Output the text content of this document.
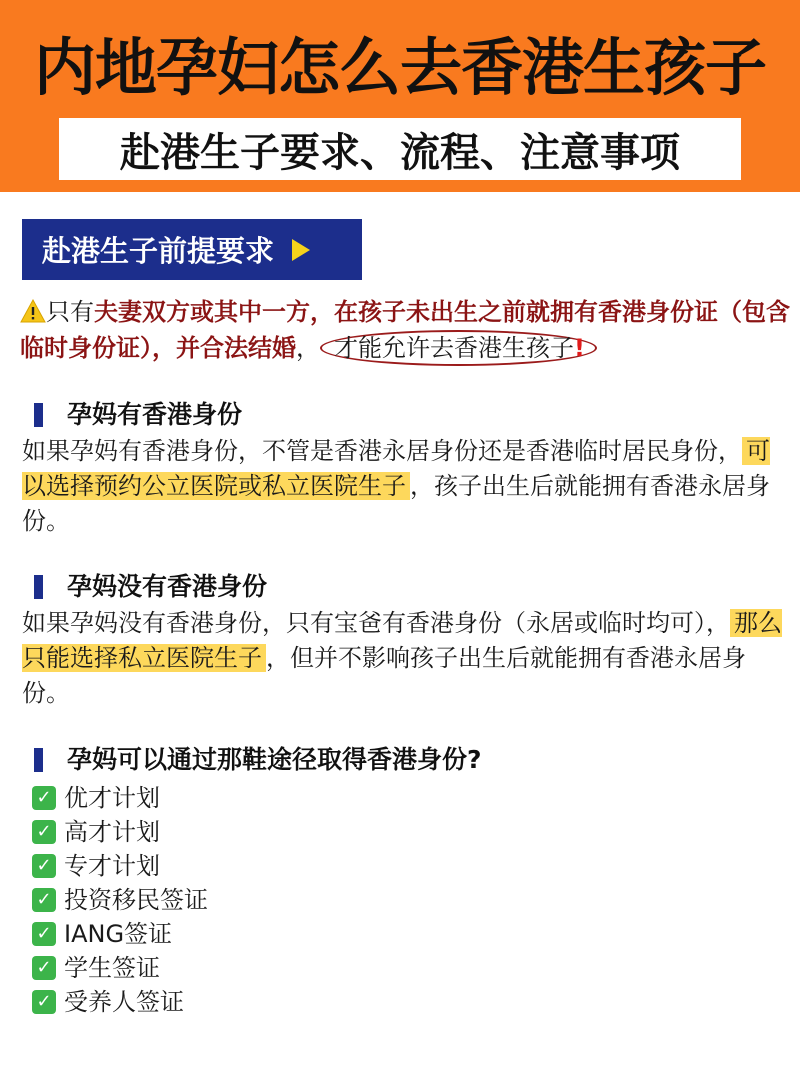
内地孕妇怎么去香港生孩子
赴港生子要求、流程、注意事项
赴港生子前提要求
只有夫妻双方或其中一方，在孩子未出生之前就拥有香港身份证（包含临时身份证），并合法结婚， 才能允许去香港生孩子!
孕妈有香港身份
如果孕妈有香港身份，不管是香港永居身份还是香港临时居民身份， 可以选择预约公立医院或私立医院生子 ，孩子出生后就能拥有香港永居身份。
孕妈没有香港身份
如果孕妈没有香港身份，只有宝爸有香港身份（永居或临时均可）， 那么只能选择私立医院生子 ，但并不影响孩子出生后就能拥有香港永居身份。
孕妈可以通过那鞋途径取得香港身份?
✓ 优才计划
✓ 高才计划
✓ 专才计划
✓ 投资移民签证
✓ IANG签证
✓ 学生签证
✓ 受养人签证
